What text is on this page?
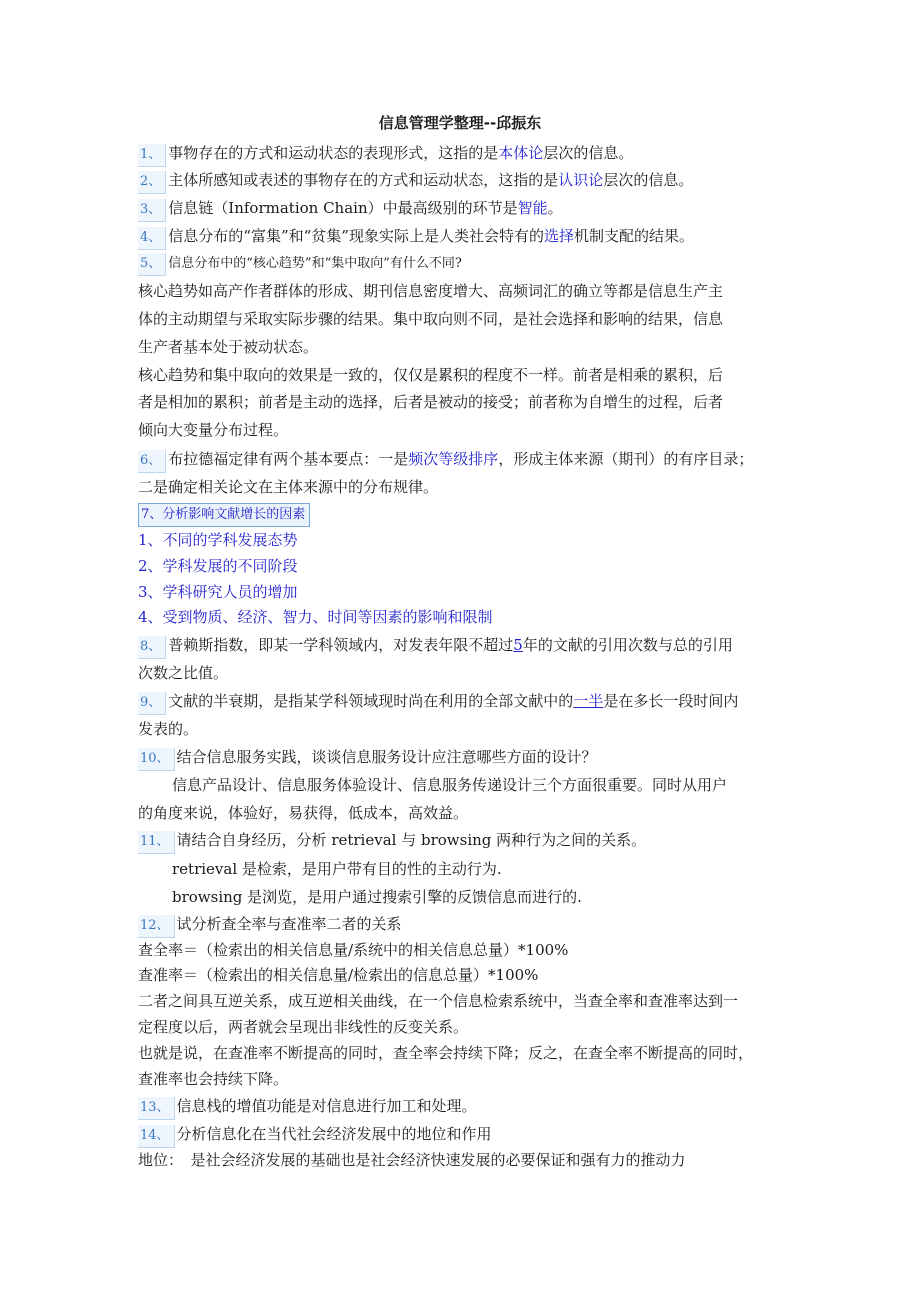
信息管理学整理--邱振东
1、 事物存在的方式和运动状态的表现形式，这指的是本体论层次的信息。
2、 主体所感知或表述的事物存在的方式和运动状态，这指的是认识论层次的信息。
3、 信息链（Information Chain）中最高级别的环节是智能。
4、 信息分布的“富集”和“贫集”现象实际上是人类社会特有的选择机制支配的结果。
5、 信息分布中的“核心趋势”和“集中取向”有什么不同?
核心趋势如高产作者群体的形成、期刊信息密度增大、高频词汇的确立等都是信息生产主
体的主动期望与采取实际步骤的结果。集中取向则不同，是社会选择和影响的结果，信息
生产者基本处于被动状态。
核心趋势和集中取向的效果是一致的，仅仅是累积的程度不一样。前者是相乘的累积，后
者是相加的累积；前者是主动的选择，后者是被动的接受；前者称为自增生的过程，后者
倾向大变量分布过程。
6、 布拉德福定律有两个基本要点：一是频次等级排序，形成主体来源（期刊）的有序目录；
二是确定相关论文在主体来源中的分布规律。
7、分析影响文献增长的因素
1、不同的学科发展态势
2、学科发展的不同阶段
3、学科研究人员的增加
4、受到物质、经济、智力、时间等因素的影响和限制
8、 普赖斯指数，即某一学科领域内，对发表年限不超过5年的文献的引用次数与总的引用
次数之比值。
9、 文献的半衰期，是指某学科领域现时尚在利用的全部文献中的一半是在多长一段时间内
发表的。
10、 结合信息服务实践，谈谈信息服务设计应注意哪些方面的设计？
信息产品设计、信息服务体验设计、信息服务传递设计三个方面很重要。同时从用户
的角度来说，体验好，易获得，低成本，高效益。
11、 请结合自身经历，分析 retrieval 与 browsing 两种行为之间的关系。
retrieval 是检索，是用户带有目的性的主动行为.
browsing 是浏览，是用户通过搜索引擎的反馈信息而进行的.
12、 试分析查全率与查准率二者的关系
查全率＝（检索出的相关信息量/系统中的相关信息总量）*100%
查准率＝（检索出的相关信息量/检索出的信息总量）*100%
二者之间具互逆关系，成互逆相关曲线，在一个信息检索系统中，当查全率和查准率达到一
定程度以后，两者就会呈现出非线性的反变关系。
也就是说，在查准率不断提高的同时，查全率会持续下降；反之，在查全率不断提高的同时，
查准率也会持续下降。
13、 信息栈的增值功能是对信息进行加工和处理。
14、 分析信息化在当代社会经济发展中的地位和作用
地位：　是社会经济发展的基础也是社会经济快速发展的必要保证和强有力的推动力
